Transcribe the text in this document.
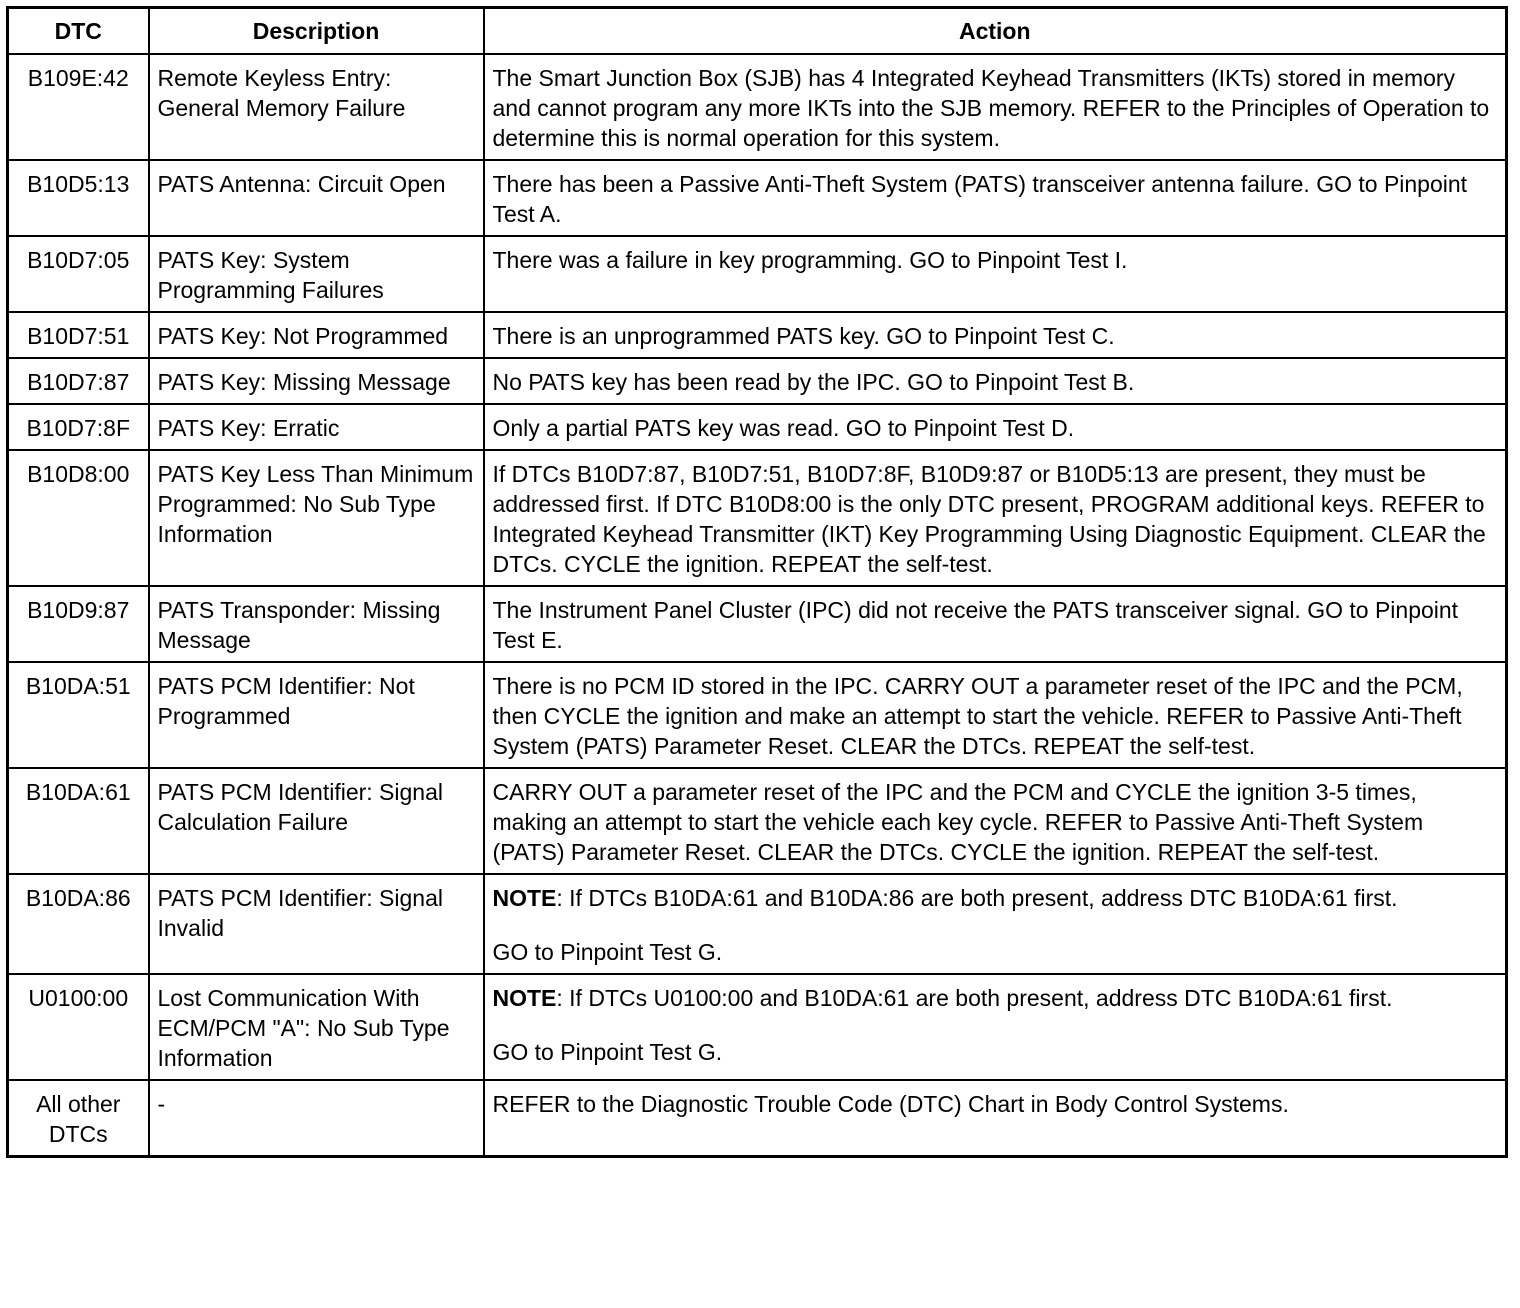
DTC	Description	Action
B109E:42	Remote Keyless Entry: General Memory Failure	The Smart Junction Box (SJB) has 4 Integrated Keyhead Transmitters (IKTs) stored in memory and cannot program any more IKTs into the SJB memory. REFER to the Principles of Operation to determine this is normal operation for this system.
B10D5:13	PATS Antenna: Circuit Open	There has been a Passive Anti-Theft System (PATS) transceiver antenna failure. GO to Pinpoint Test A.
B10D7:05	PATS Key: System Programming Failures	There was a failure in key programming. GO to Pinpoint Test I.
B10D7:51	PATS Key: Not Programmed	There is an unprogrammed PATS key. GO to Pinpoint Test C.
B10D7:87	PATS Key: Missing Message	No PATS key has been read by the IPC. GO to Pinpoint Test B.
B10D7:8F	PATS Key: Erratic	Only a partial PATS key was read. GO to Pinpoint Test D.
B10D8:00	PATS Key Less Than Minimum Programmed: No Sub Type Information	If DTCs B10D7:87, B10D7:51, B10D7:8F, B10D9:87 or B10D5:13 are present, they must be addressed first. If DTC B10D8:00 is the only DTC present, PROGRAM additional keys. REFER to Integrated Keyhead Transmitter (IKT) Key Programming Using Diagnostic Equipment. CLEAR the DTCs. CYCLE the ignition. REPEAT the self-test.
B10D9:87	PATS Transponder: Missing Message	The Instrument Panel Cluster (IPC) did not receive the PATS transceiver signal. GO to Pinpoint Test E.
B10DA:51	PATS PCM Identifier: Not Programmed	There is no PCM ID stored in the IPC. CARRY OUT a parameter reset of the IPC and the PCM, then CYCLE the ignition and make an attempt to start the vehicle. REFER to Passive Anti-Theft System (PATS) Parameter Reset. CLEAR the DTCs. REPEAT the self-test.
B10DA:61	PATS PCM Identifier: Signal Calculation Failure	CARRY OUT a parameter reset of the IPC and the PCM and CYCLE the ignition 3-5 times, making an attempt to start the vehicle each key cycle. REFER to Passive Anti-Theft System (PATS) Parameter Reset. CLEAR the DTCs. CYCLE the ignition. REPEAT the self-test.
B10DA:86	PATS PCM Identifier: Signal Invalid	NOTE: If DTCs B10DA:61 and B10DA:86 are both present, address DTC B10DA:61 first.

GO to Pinpoint Test G.

U0100:00	Lost Communication With ECM/PCM "A": No Sub Type Information	NOTE: If DTCs U0100:00 and B10DA:61 are both present, address DTC B10DA:61 first.

GO to Pinpoint Test G.

All other DTCs	-	REFER to the Diagnostic Trouble Code (DTC) Chart in Body Control Systems.
